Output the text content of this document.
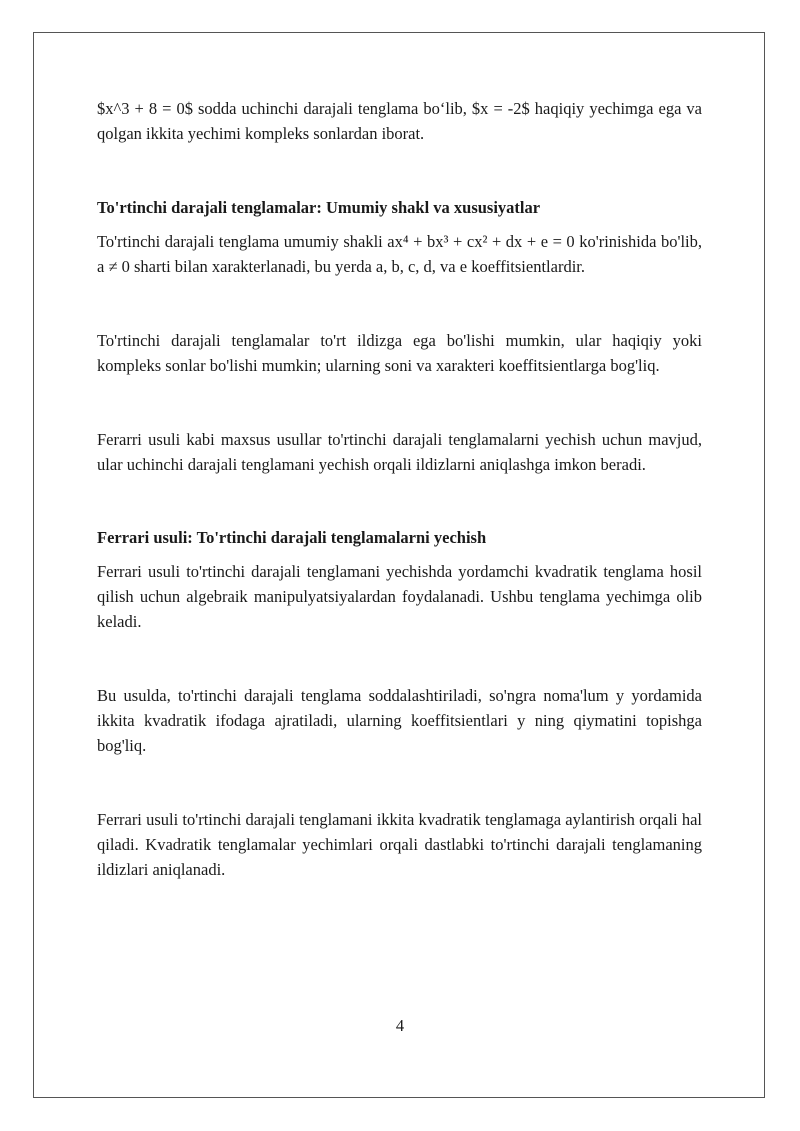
$x^3 + 8 = 0$ sodda uchinchi darajali tenglama bo‘lib, $x = -2$ haqiqiy yechimga ega va qolgan ikkita yechimi kompleks sonlardan iborat.

To'rtinchi darajali tenglamalar: Umumiy shakl va xususiyatlar

To'rtinchi darajali tenglama umumiy shakli ax⁴ + bx³ + cx² + dx + e = 0 ko'rinishida bo'lib, a ≠ 0 sharti bilan xarakterlanadi, bu yerda a, b, c, d, va e koeffitsientlardir.

To'rtinchi darajali tenglamalar to'rt ildizga ega bo'lishi mumkin, ular haqiqiy yoki kompleks sonlar bo'lishi mumkin; ularning soni va xarakteri koeffitsientlarga bog'liq.

Ferarri usuli kabi maxsus usullar to'rtinchi darajali tenglamalarni yechish uchun mavjud, ular uchinchi darajali tenglamani yechish orqali ildizlarni aniqlashga imkon beradi.

Ferrari usuli: To'rtinchi darajali tenglamalarni yechish

Ferrari usuli to'rtinchi darajali tenglamani yechishda yordamchi kvadratik tenglama hosil qilish uchun algebraik manipulyatsiyalardan foydalanadi. Ushbu tenglama yechimga olib keladi.

Bu usulda, to'rtinchi darajali tenglama soddalashtiriladi, so'ngra noma'lum y yordamida ikkita kvadratik ifodaga ajratiladi, ularning koeffitsientlari y ning qiymatini topishga bog'liq.

Ferrari usuli to'rtinchi darajali tenglamani ikkita kvadratik tenglamaga aylantirish orqali hal qiladi. Kvadratik tenglamalar yechimlari orqali dastlabki to'rtinchi darajali tenglamaning ildizlari aniqlanadi.

4
